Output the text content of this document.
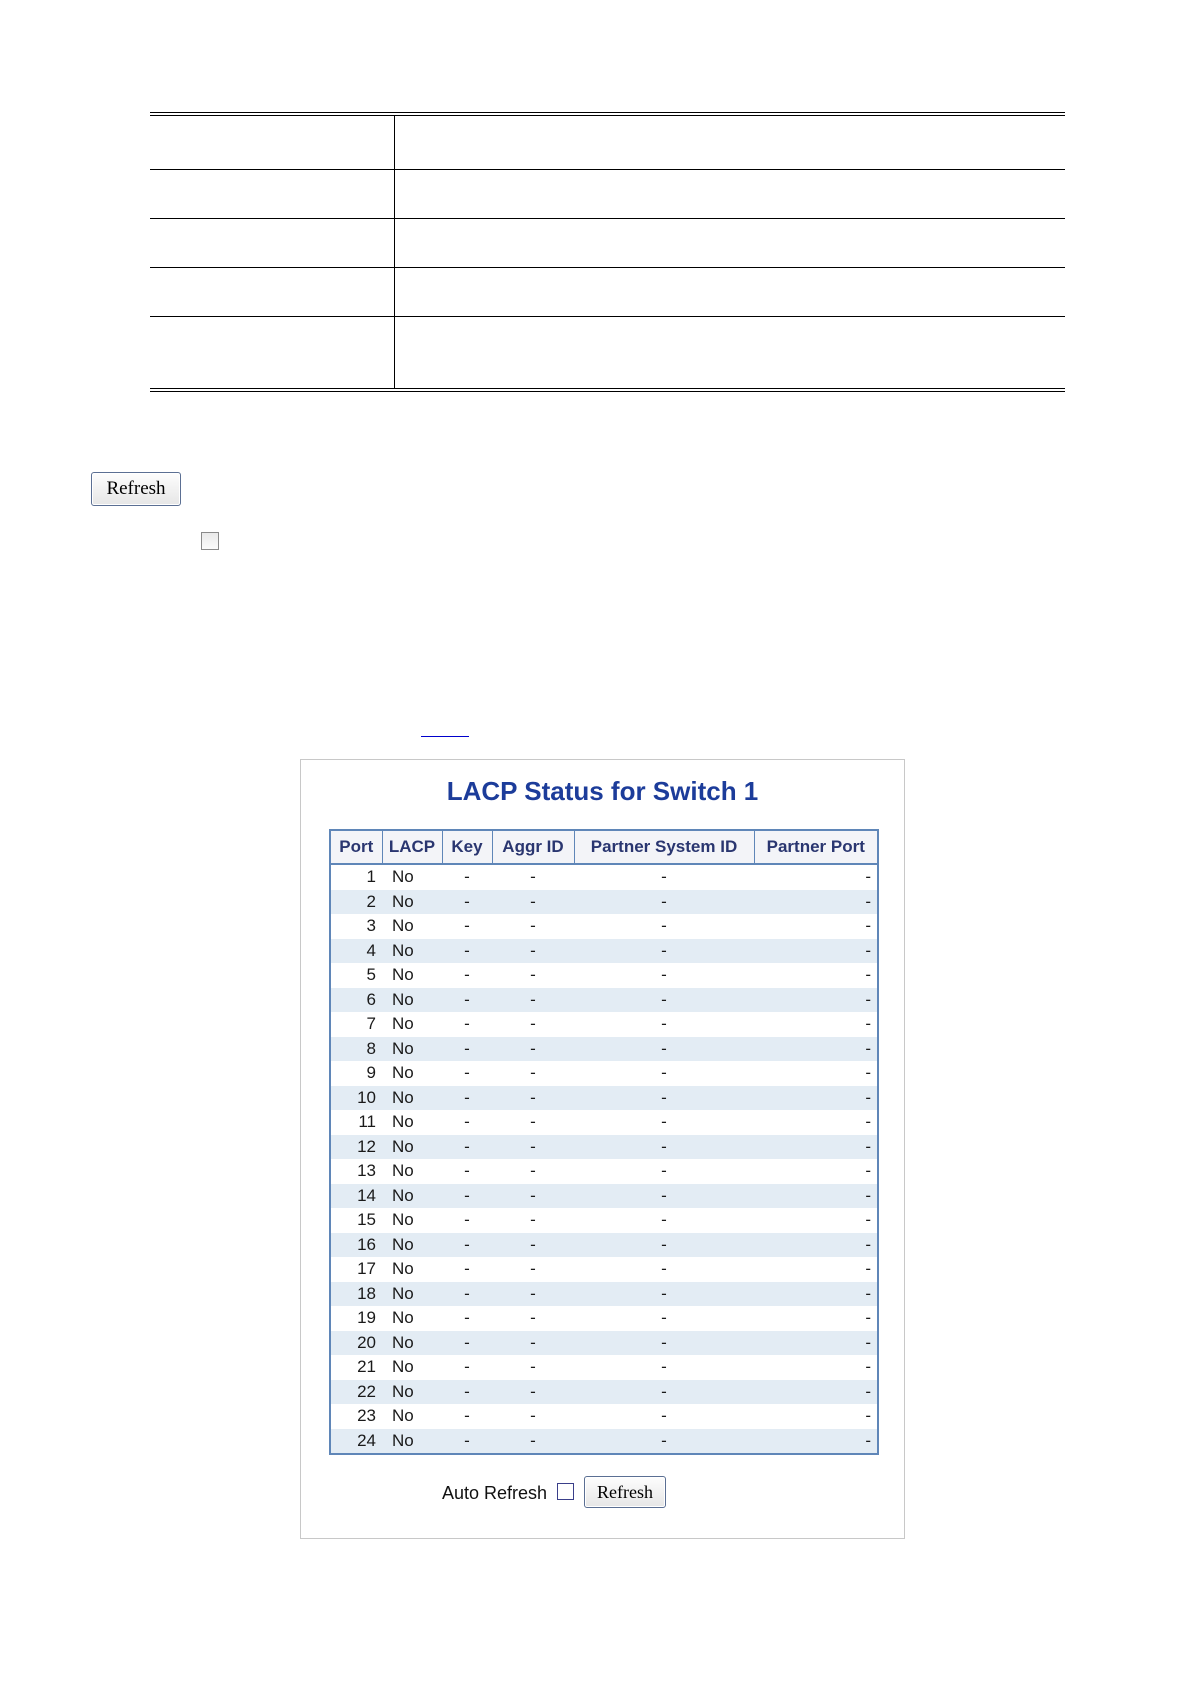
Refresh
LACP Status for Switch 1
Port	LACP	Key	Aggr ID	Partner System ID	Partner Port
1	No	-	-	-	-
2	No	-	-	-	-
3	No	-	-	-	-
4	No	-	-	-	-
5	No	-	-	-	-
6	No	-	-	-	-
7	No	-	-	-	-
8	No	-	-	-	-
9	No	-	-	-	-
10	No	-	-	-	-
11	No	-	-	-	-
12	No	-	-	-	-
13	No	-	-	-	-
14	No	-	-	-	-
15	No	-	-	-	-
16	No	-	-	-	-
17	No	-	-	-	-
18	No	-	-	-	-
19	No	-	-	-	-
20	No	-	-	-	-
21	No	-	-	-	-
22	No	-	-	-	-
23	No	-	-	-	-
24	No	-	-	-	-
Auto Refresh	Refresh
